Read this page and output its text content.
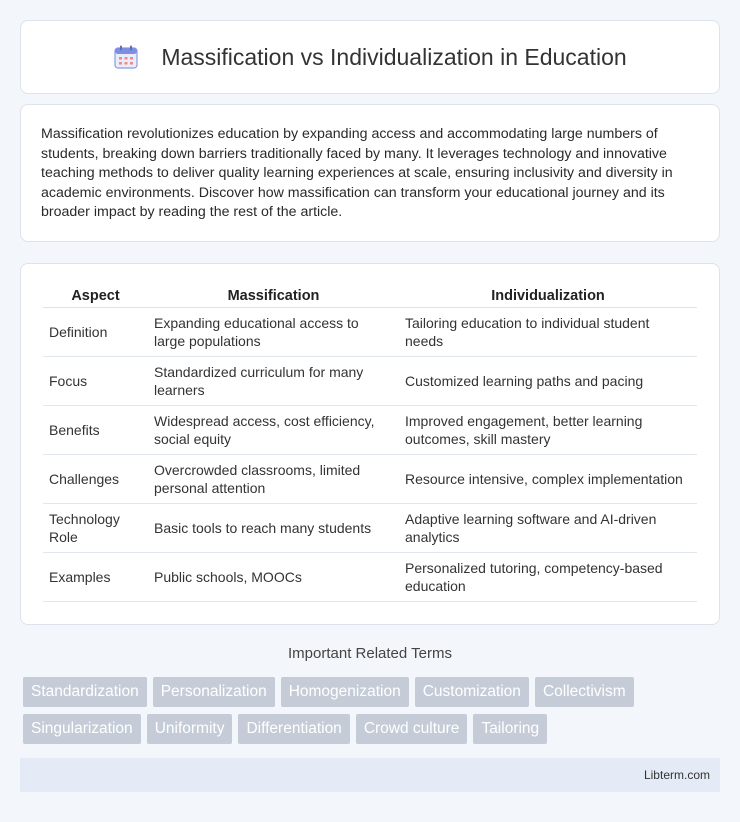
Massification vs Individualization in Education

Massification revolutionizes education by expanding access and accommodating large numbers of students, breaking down barriers traditionally faced by many. It leverages technology and innovative teaching methods to deliver quality learning experiences at scale, ensuring inclusivity and diversity in academic environments. Discover how massification can transform your educational journey and its broader impact by reading the rest of the article.

Aspect	Massification	Individualization
Definition	Expanding educational access to large populations	Tailoring education to individual student needs
Focus	Standardized curriculum for many learners	Customized learning paths and pacing
Benefits	Widespread access, cost efficiency, social equity	Improved engagement, better learning outcomes, skill mastery
Challenges	Overcrowded classrooms, limited personal attention	Resource intensive, complex implementation
Technology Role	Basic tools to reach many students	Adaptive learning software and AI-driven analytics
Examples	Public schools, MOOCs	Personalized tutoring, competency-based education
Important Related Terms
Standardization	Personalization	Homogenization	Customization	Collectivism
Singularization	Uniformity	Differentiation	Crowd culture	Tailoring
Libterm.com
